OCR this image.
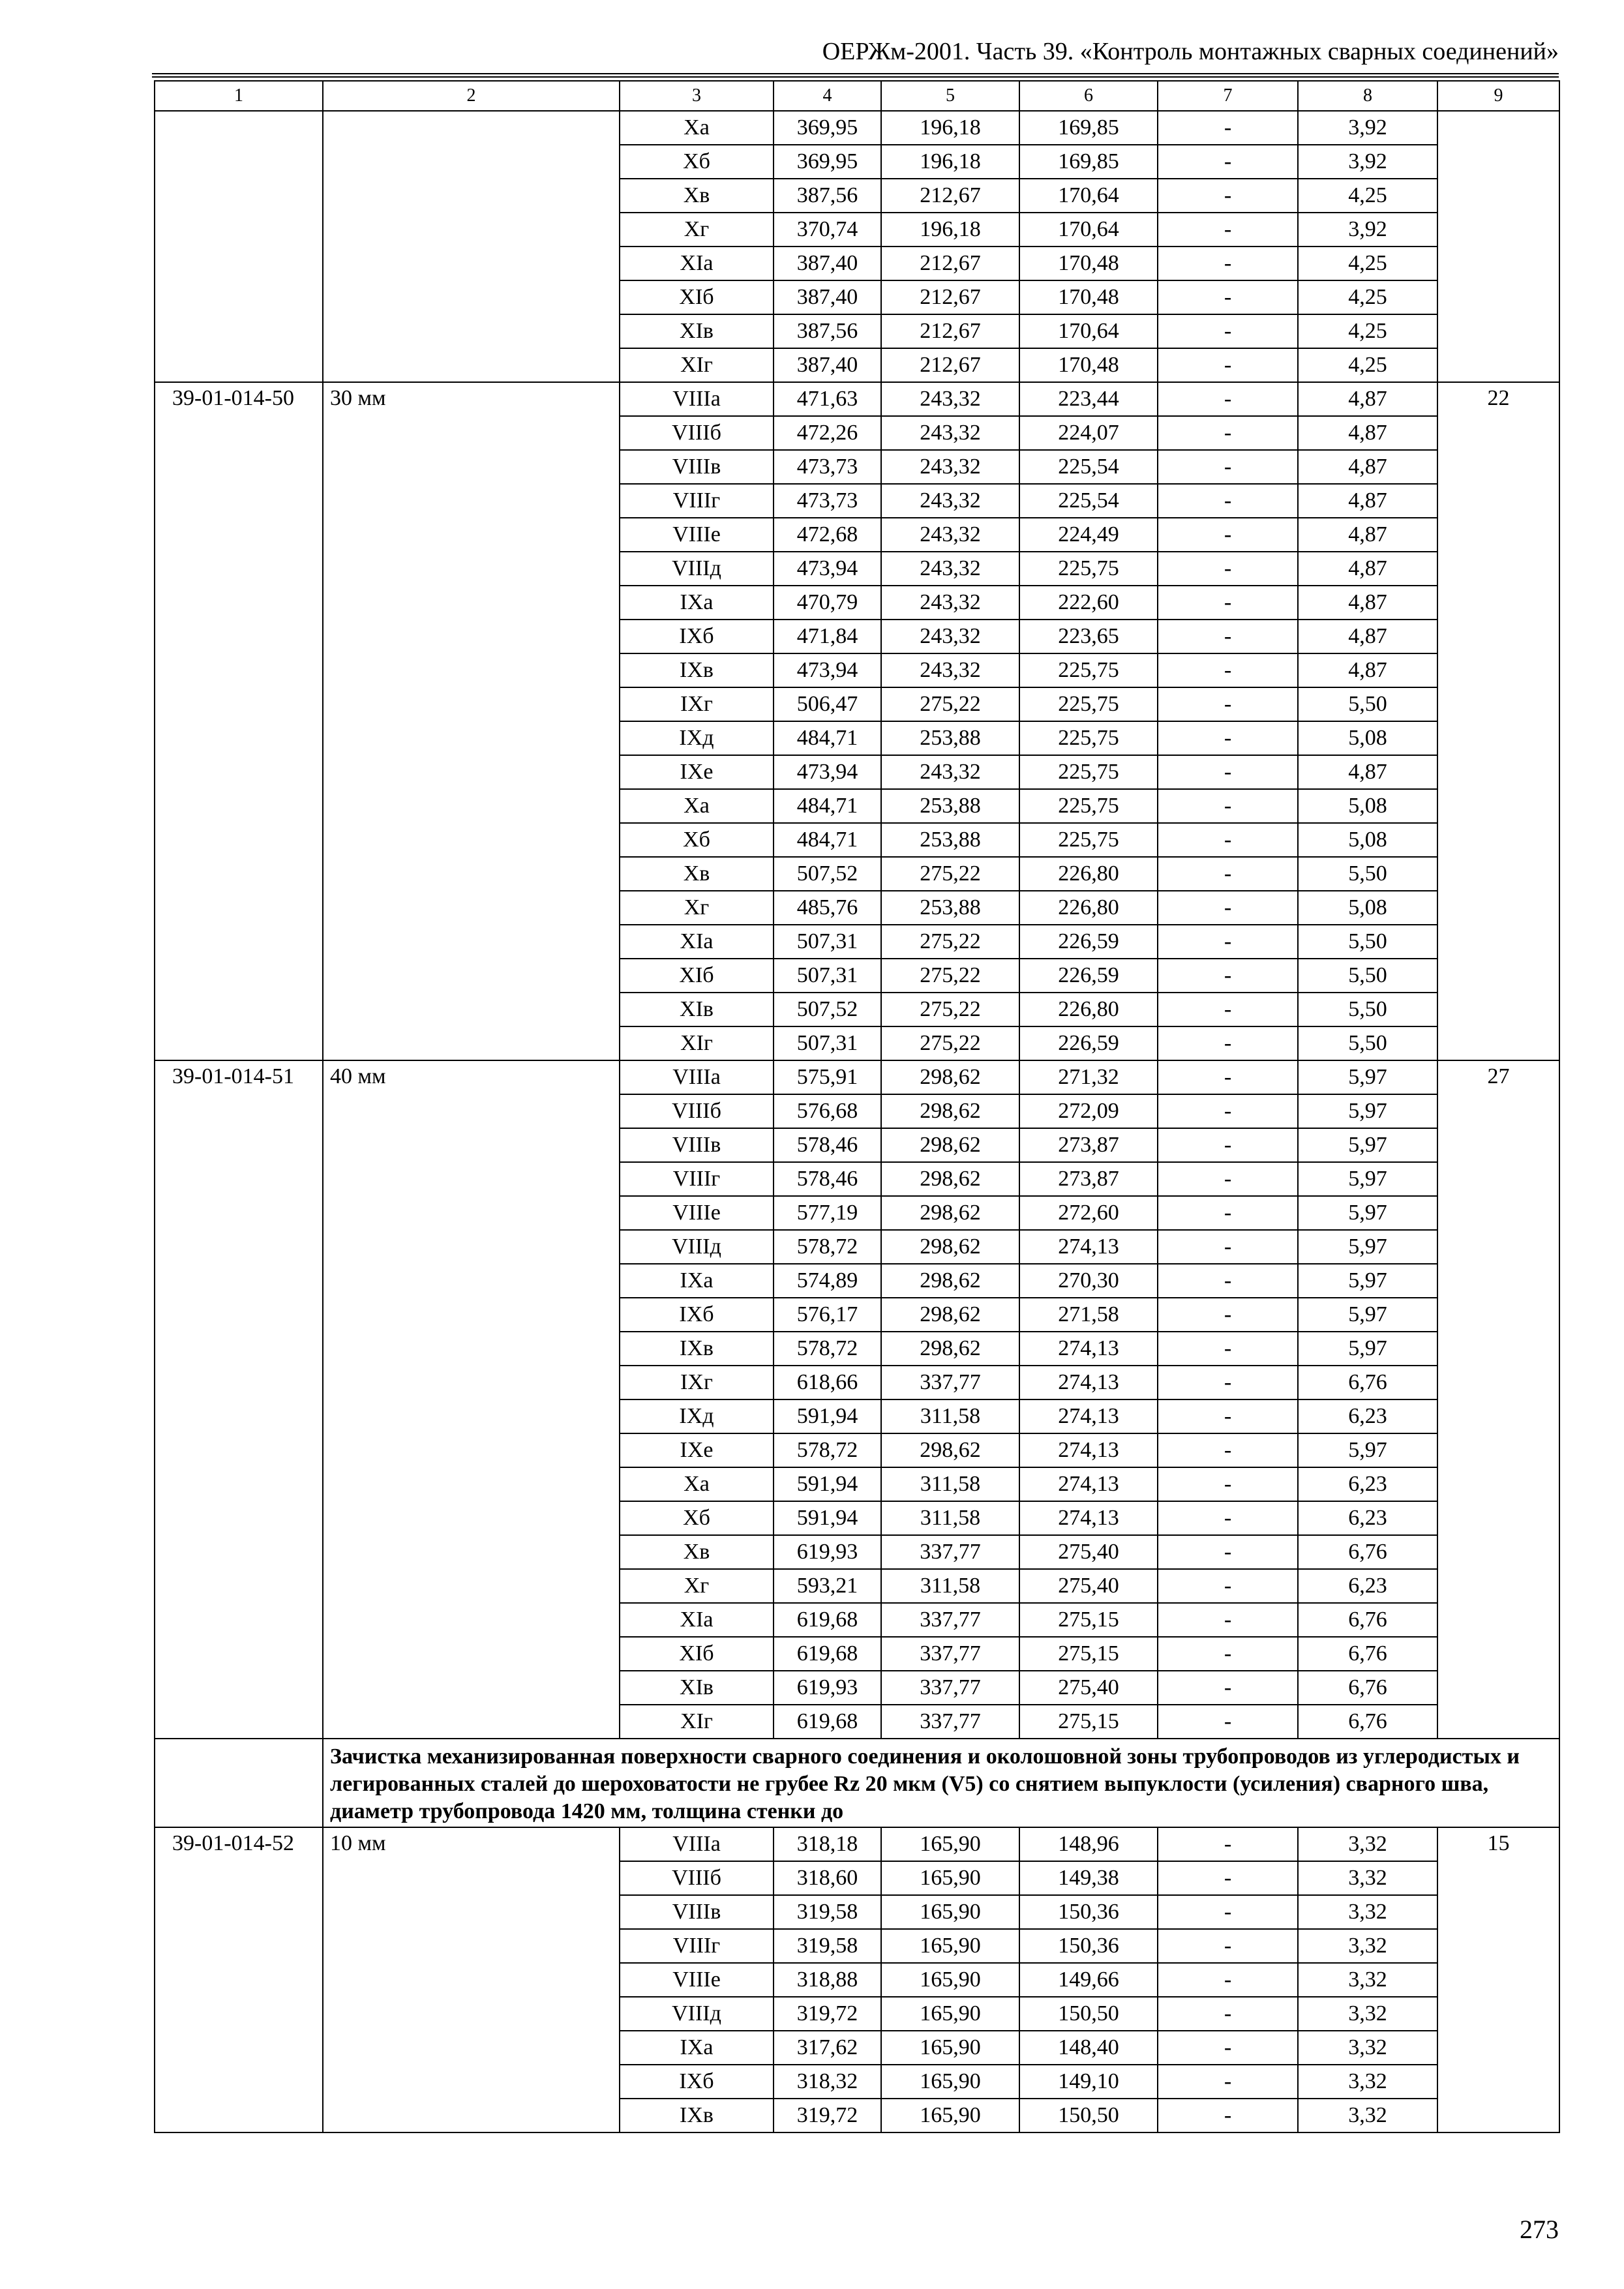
ОЕРЖм-2001. Часть 39. «Контроль монтажных сварных соединений»
1	2	3	4	5	6	7	8	9
		Xa	369,95	196,18	169,85	-	3,92	
		Xб	369,95	196,18	169,85	-	3,92	
		Xв	387,56	212,67	170,64	-	4,25	
		Xг	370,74	196,18	170,64	-	3,92	
		XIa	387,40	212,67	170,48	-	4,25	
		XIб	387,40	212,67	170,48	-	4,25	
		XIв	387,56	212,67	170,64	-	4,25	
		XIг	387,40	212,67	170,48	-	4,25	
39-01-014-50	30 мм	VIIIa	471,63	243,32	223,44	-	4,87	22
		VIIIб	472,26	243,32	224,07	-	4,87	
		VIIIв	473,73	243,32	225,54	-	4,87	
		VIIIг	473,73	243,32	225,54	-	4,87	
		VIIIe	472,68	243,32	224,49	-	4,87	
		VIIIд	473,94	243,32	225,75	-	4,87	
		IXa	470,79	243,32	222,60	-	4,87	
		IXб	471,84	243,32	223,65	-	4,87	
		IXв	473,94	243,32	225,75	-	4,87	
		IXг	506,47	275,22	225,75	-	5,50	
		IXд	484,71	253,88	225,75	-	5,08	
		IXe	473,94	243,32	225,75	-	4,87	
		Xa	484,71	253,88	225,75	-	5,08	
		Xб	484,71	253,88	225,75	-	5,08	
		Xв	507,52	275,22	226,80	-	5,50	
		Xг	485,76	253,88	226,80	-	5,08	
		XIa	507,31	275,22	226,59	-	5,50	
		XIб	507,31	275,22	226,59	-	5,50	
		XIв	507,52	275,22	226,80	-	5,50	
		XIг	507,31	275,22	226,59	-	5,50	
39-01-014-51	40 мм	VIIIa	575,91	298,62	271,32	-	5,97	27
		VIIIб	576,68	298,62	272,09	-	5,97	
		VIIIв	578,46	298,62	273,87	-	5,97	
		VIIIг	578,46	298,62	273,87	-	5,97	
		VIIIe	577,19	298,62	272,60	-	5,97	
		VIIIд	578,72	298,62	274,13	-	5,97	
		IXa	574,89	298,62	270,30	-	5,97	
		IXб	576,17	298,62	271,58	-	5,97	
		IXв	578,72	298,62	274,13	-	5,97	
		IXг	618,66	337,77	274,13	-	6,76	
		IXд	591,94	311,58	274,13	-	6,23	
		IXe	578,72	298,62	274,13	-	5,97	
		Xa	591,94	311,58	274,13	-	6,23	
		Xб	591,94	311,58	274,13	-	6,23	
		Xв	619,93	337,77	275,40	-	6,76	
		Xг	593,21	311,58	275,40	-	6,23	
		XIa	619,68	337,77	275,15	-	6,76	
		XIб	619,68	337,77	275,15	-	6,76	
		XIв	619,93	337,77	275,40	-	6,76	
		XIг	619,68	337,77	275,15	-	6,76	
	Зачистка механизированная поверхности сварного соединения и околошовной зоны трубопроводов из углеродистых и легированных сталей до шероховатости не грубее Rz 20 мкм (V5) со снятием выпуклости (усиления) сварного шва, диаметр трубопровода 1420 мм, толщина стенки до							
39-01-014-52	10 мм	VIIIa	318,18	165,90	148,96	-	3,32	15
		VIIIб	318,60	165,90	149,38	-	3,32	
		VIIIв	319,58	165,90	150,36	-	3,32	
		VIIIг	319,58	165,90	150,36	-	3,32	
		VIIIe	318,88	165,90	149,66	-	3,32	
		VIIIд	319,72	165,90	150,50	-	3,32	
		IXa	317,62	165,90	148,40	-	3,32	
		IXб	318,32	165,90	149,10	-	3,32	
		IXв	319,72	165,90	150,50	-	3,32	
273
